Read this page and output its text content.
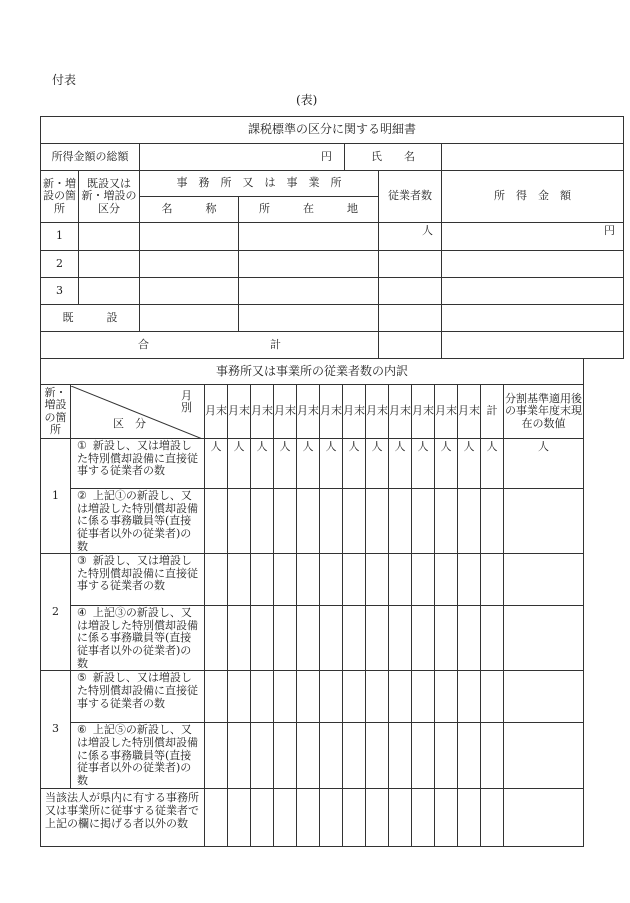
付表
(表)
課税標準の区分に関する明細書						
所得金額の総額		円		氏　　名		
新・増設の箇所	既設又は新・増設の区分	事　務　所　又　は　事　業　所			従業者数	所　得　金　額
		名　　　称	所　　　在　　　地			
1					人	円
2						
3						
既　　　設						
合　　　　　　　　　　　計						
事務所又は事業所の従業者数の内訳															
新・増設の箇所	月　別
区　分	月末	月末	月末	月末	月末	月末	月末	月末	月末	月末	月末	月末	計	分割基準適用後の事業年度末現在の数値
1	① 新設し、又は増設した特別償却設備に直接従事する従業者の数	人	人	人	人	人	人	人	人	人	人	人	人	人	人
	② 上記①の新設し、又は増設した特別償却設備に係る事務職員等(直接従事者以外の従業者)の数														
2	③ 新設し、又は増設した特別償却設備に直接従事する従業者の数														
	④ 上記③の新設し、又は増設した特別償却設備に係る事務職員等(直接従事者以外の従業者)の数														
3	⑤ 新設し、又は増設した特別償却設備に直接従事する従業者の数														
	⑥ 上記⑤の新設し、又は増設した特別償却設備に係る事務職員等(直接従事者以外の従業者)の数														
当該法人が県内に有する事務所又は事業所に従事する従業者で上記の欄に掲げる者以外の数															
